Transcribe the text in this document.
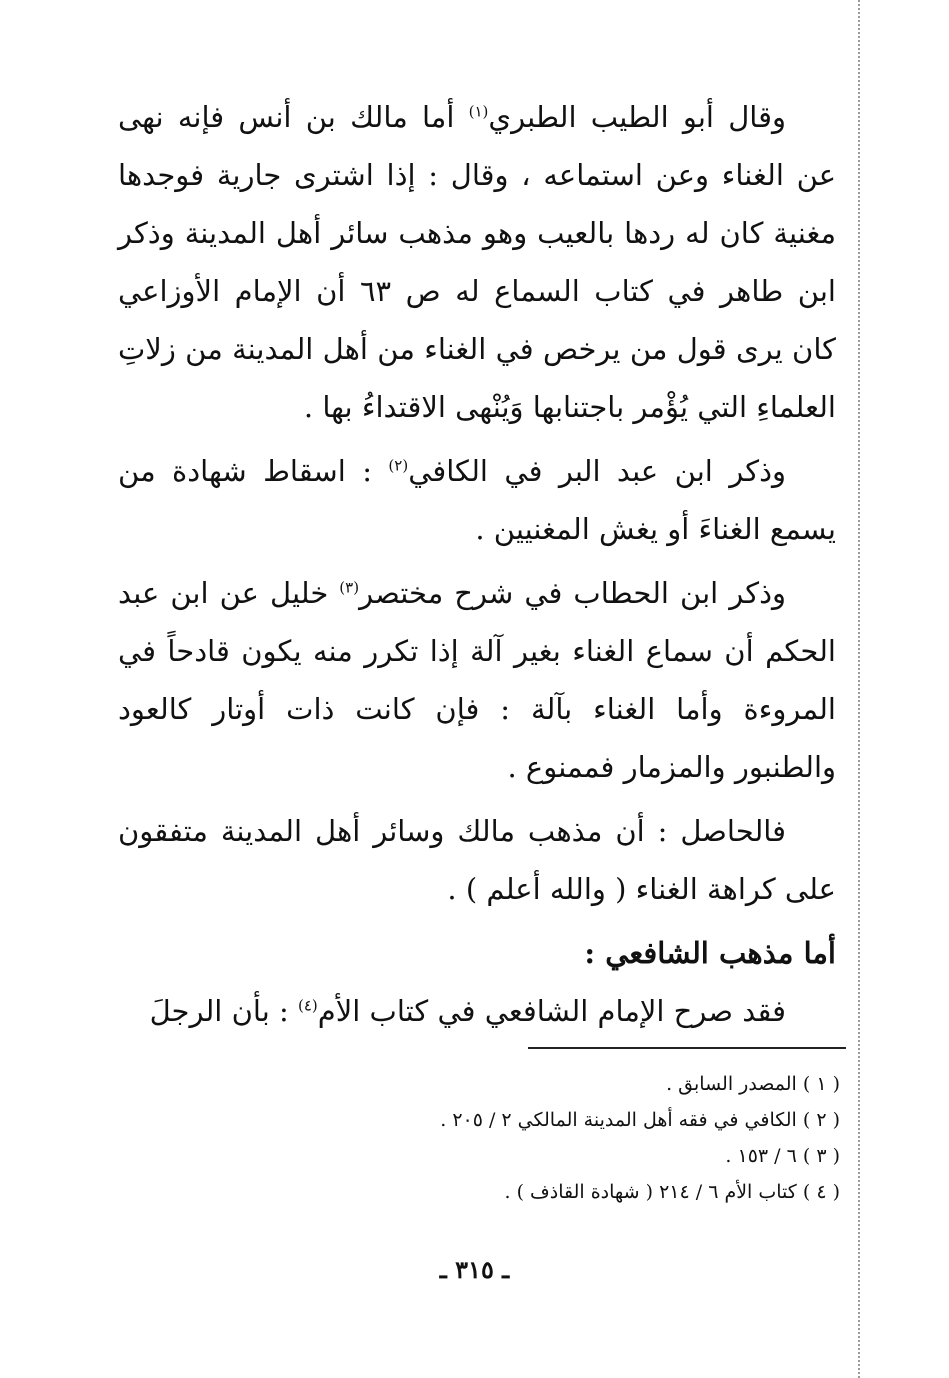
وقال أبو الطيب الطبري$^{(١)}$ أما مالك بن أنس فإنه نهى عن الغناء وعن استماعه ، وقال : إذا اشترى جارية فوجدها مغنية كان له ردها بالعيب وهو مذهب سائر أهل المدينة وذكر ابن طاهر في كتاب السماع له ص ٦٣ أن الإمام الأوزاعي كان يرى قول من يرخص في الغناء من أهل المدينة من زلاتِ العلماءِ التي يُؤْمر باجتنابها وَيُنْهى الاقتداءُ بها .

وذكر ابن عبد البر في الكافي$^{(٢)}$ : اسقاط شهادة من يسمع الغناءَ أو يغش المغنيين .

وذكر ابن الحطاب في شرح مختصر$^{(٣)}$ خليل عن ابن عبد الحكم أن سماع الغناء بغير آلة إذا تكرر منه يكون قادحاً في المروءة وأما الغناء بآلة : فإن كانت ذات أوتار كالعود والطنبور والمزمار فممنوع .

فالحاصل : أن مذهب مالك وسائر أهل المدينة متفقون على كراهة الغناء ( والله أعلم ) .

أما مذهب الشافعي :

فقد صرح الإمام الشافعي في كتاب الأم$^{(٤)}$ : بأن الرجلَ

( ١ ) المصدر السابق .

( ٢ ) الكافي في فقه أهل المدينة المالكي ٢ / ٢٠٥ .

( ٣ ) ٦ / ١٥٣ .

( ٤ ) كتاب الأم ٦ / ٢١٤ ( شهادة القاذف ) .

ـ ٣١٥ ـ
